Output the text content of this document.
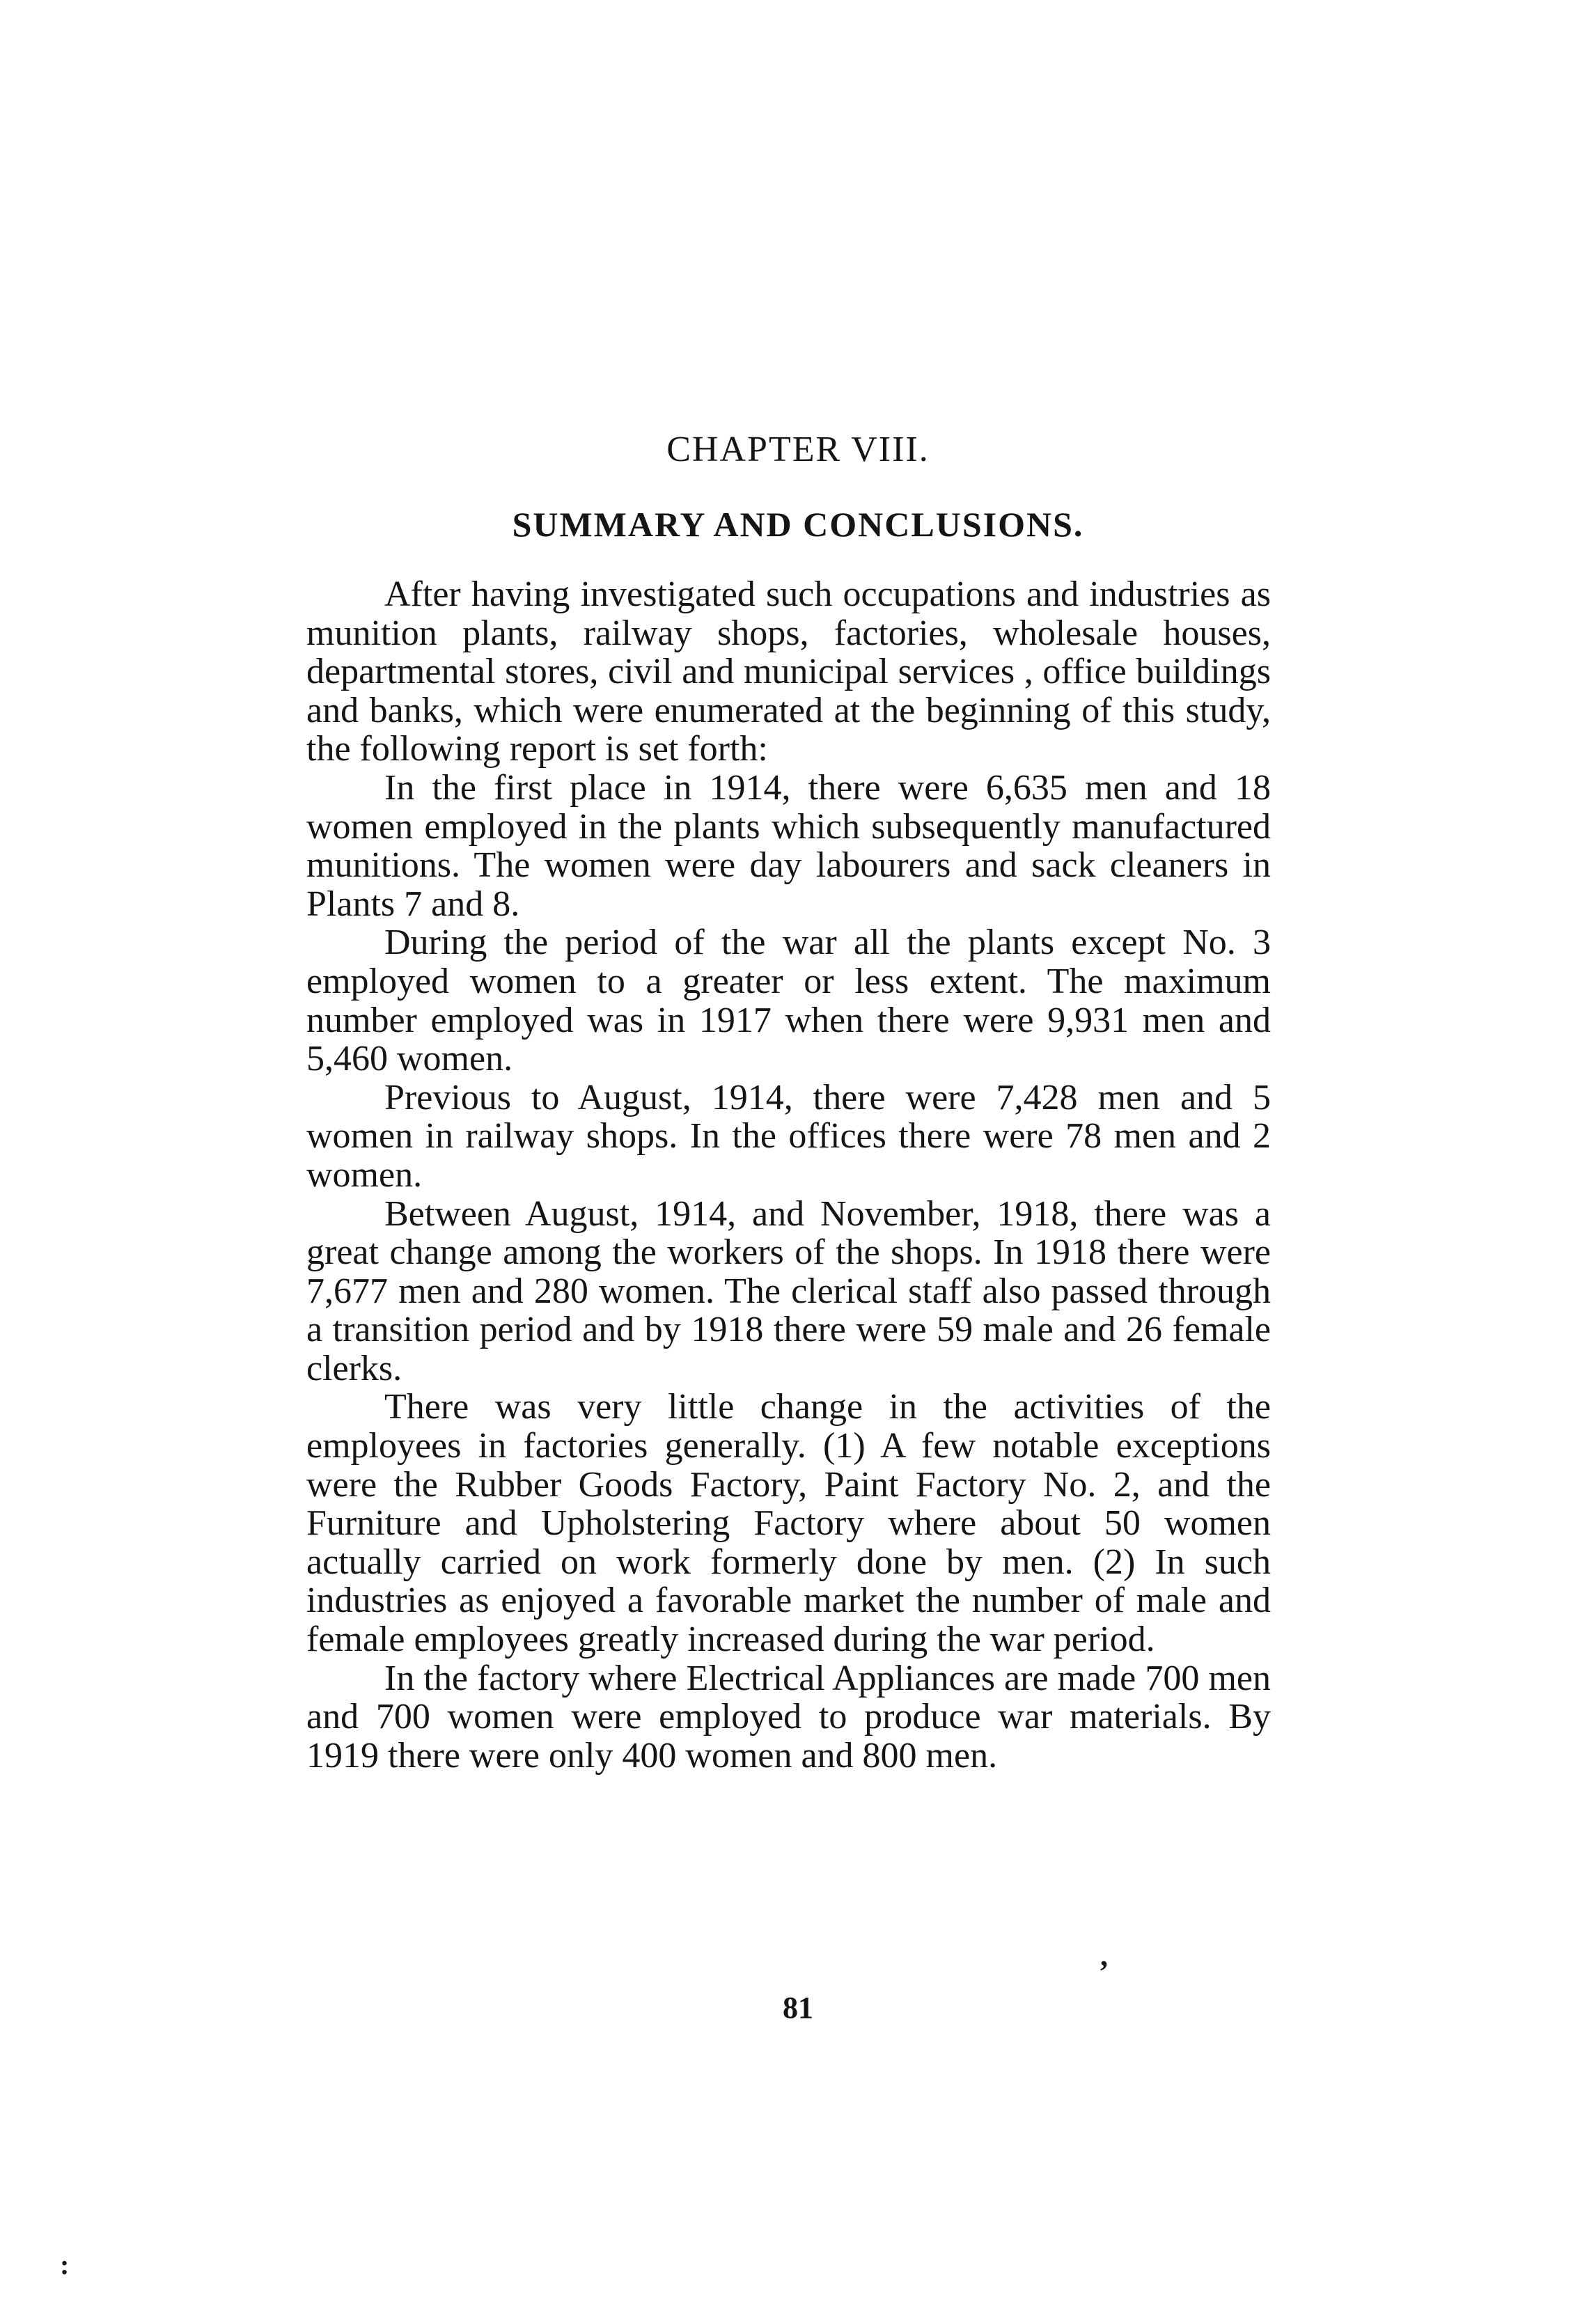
CHAPTER VIII.
SUMMARY AND CONCLUSIONS.

After having investigated such occupations and industries as munition plants, railway shops, factories, wholesale houses, departmental stores, civil and municipal services , office buildings and banks, which were enumerated at the beginning of this study, the following report is set forth:

In the first place in 1914, there were 6,635 men and 18 women employed in the plants which subsequently manufactured munitions. The women were day labourers and sack cleaners in Plants 7 and 8.

During the period of the war all the plants except No. 3 employed women to a greater or less extent. The maximum number employed was in 1917 when there were 9,931 men and 5,460 women.

Previous to August, 1914, there were 7,428 men and 5 women in railway shops. In the offices there were 78 men and 2 women.

Between August, 1914, and November, 1918, there was a great change among the workers of the shops. In 1918 there were 7,677 men and 280 women. The clerical staff also passed through a transition period and by 1918 there were 59 male and 26 female clerks.

There was very little change in the activities of the employees in factories generally. (1) A few notable exceptions were the Rubber Goods Factory, Paint Factory No. 2, and the Furniture and Upholstering Factory where about 50 women actually carried on work formerly done by men. (2) In such industries as enjoyed a favorable market the number of male and female employees greatly increased during the war period.

In the factory where Electrical Appliances are made 700 men and 700 women were employed to produce war materials. By 1919 there were only 400 women and 800 men.

,
81
:
